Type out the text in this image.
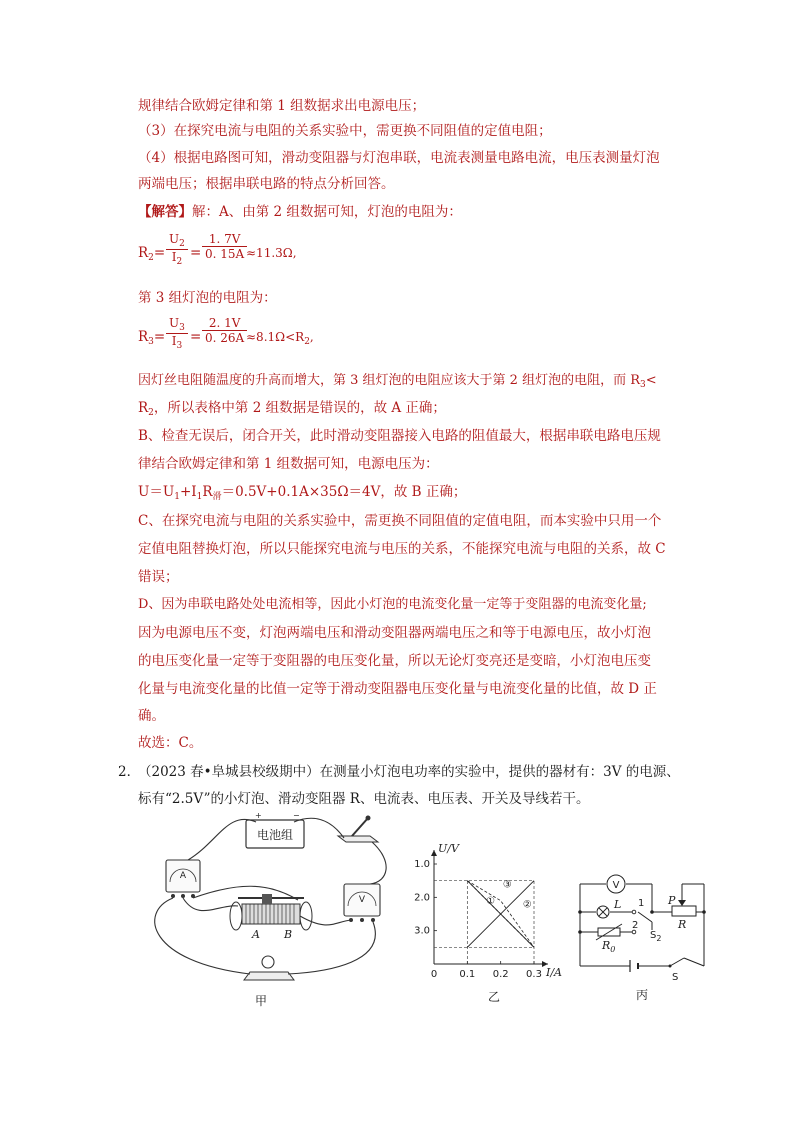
规律结合欧姆定律和第 1 组数据求出电源电压；
（3）在探究电流与电阻的关系实验中，需更换不同阻值的定值电阻；
（4）根据电路图可知，滑动变阻器与灯泡串联，电流表测量电路电流，电压表测量灯泡
两端电压；根据串联电路的特点分析回答。
【解答】解：A、由第 2 组数据可知，灯泡的电阻为：
$R_2= \frac{U_2}{I_2} = \frac{1. 7V}{0. 15A}$
≈11.3Ω,
第 3 组灯泡的电阻为：
$R_3= \frac{U_3}{I_3} = \frac{2. 1V}{0. 26A}$
$\approx 8.1\Omega<R_2$,
因灯丝电阻随温度的升高而增大，第 3 组灯泡的电阻应该大于第 2 组灯泡的电阻，而 $R_3<$
$R_2$，所以表格中第 2 组数据是错误的，故 A 正确；
B、检查无误后，闭合开关，此时滑动变阻器接入电路的阻值最大，根据串联电路电压规
律结合欧姆定律和第 1 组数据可知，电源电压为：
$U=U_1+I_1R_滑=0.5V+0.1A\times 35\Omega=4V$，故 B 正确；
C、在探究电流与电阻的关系实验中，需更换不同阻值的定值电阻，而本实验中只用一个
定值电阻替换灯泡，所以只能探究电流与电压的关系，不能探究电流与电阻的关系，故 C
错误；
D、因为串联电路处处电流相等，因此小灯泡的电流变化量一定等于变阻器的电流变化量;
因为电源电压不变，灯泡两端电压和滑动变阻器两端电压之和等于电源电压，故小灯泡
的电压变化量一定等于变阻器的电压变化量，所以无论灯变亮还是变暗，小灯泡电压变
化量与电流变化量的比值一定等于滑动变阻器电压变化量与电流变化量的比值，故 D 正
确。
故选：C。
2．
（2023 春•阜城县校级期中）在测量小灯泡电功率的实验中，提供的器材有：3V 的电源、
标有“2.5V”的小灯泡、滑动变阻器 R、电流表、电压表、开关及导线若干。
电池组
+	−
A
V
A B
甲
3.0
2.0
1.0
0 0.1 0.2 0.3
U/V
I/A
①	②
③
乙
V
L
$R_0$
1
2
$S_2$
P
R
S
丙
